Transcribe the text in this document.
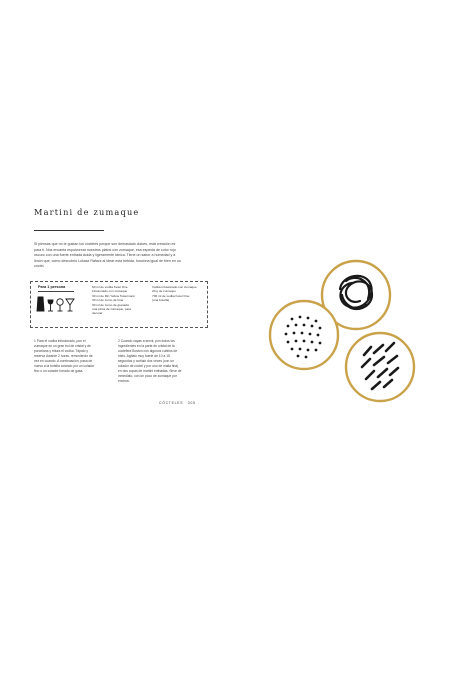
Martini de zumaque
Si piensas que no te gustan los cócteles porque son demasiado dulces, está creación es para ti. Nos encanta espolvorear nuestros platos con zumaque, esa especia de color rojo oscuro con una fuerte entrada ácida y ligeramente tánica. Tiene un sabor a humedad y a limón que, como descubrió Lukasz Rafacz al idear esta bebida, funciona igual de bien en un cóctel.
Para 1 persona	60 ml de vodka Ketel One
infusionado con zumaque
30 ml de Rin Yellow Tokermann
30 ml de zumo de lima
30 ml de zumo de granada
una pizca de zumaque, para
decorar
Vodka infusionado con zumaque
20 g de zumaque
700 ml de vodka Ketel One
(una botella)
1 Para el vodka infusionado, pon el zumaque en un gran bol de cristal y de porcelana y tritura el vodka. Tápalo y reserva durante 2 horas, removiendo de vez en cuando. A continuación, pasa de nuevo a la botella colando por un colador fino o un colador forrado de gasa.
2 Cuando vayas a servir, pon todos los ingredientes en la parte de cristal de la coctelera Boston con algunos cubitos de hielo. Agítalo muy fuerte de 10 a 15 segundos y cuélalo dos veces (con un colador de cóctel y por uno de malla fina) en dos copas de martini enfriadas. Sirve de inmediato, con un poco de zumaque por encima.
CÓCTELES 305
